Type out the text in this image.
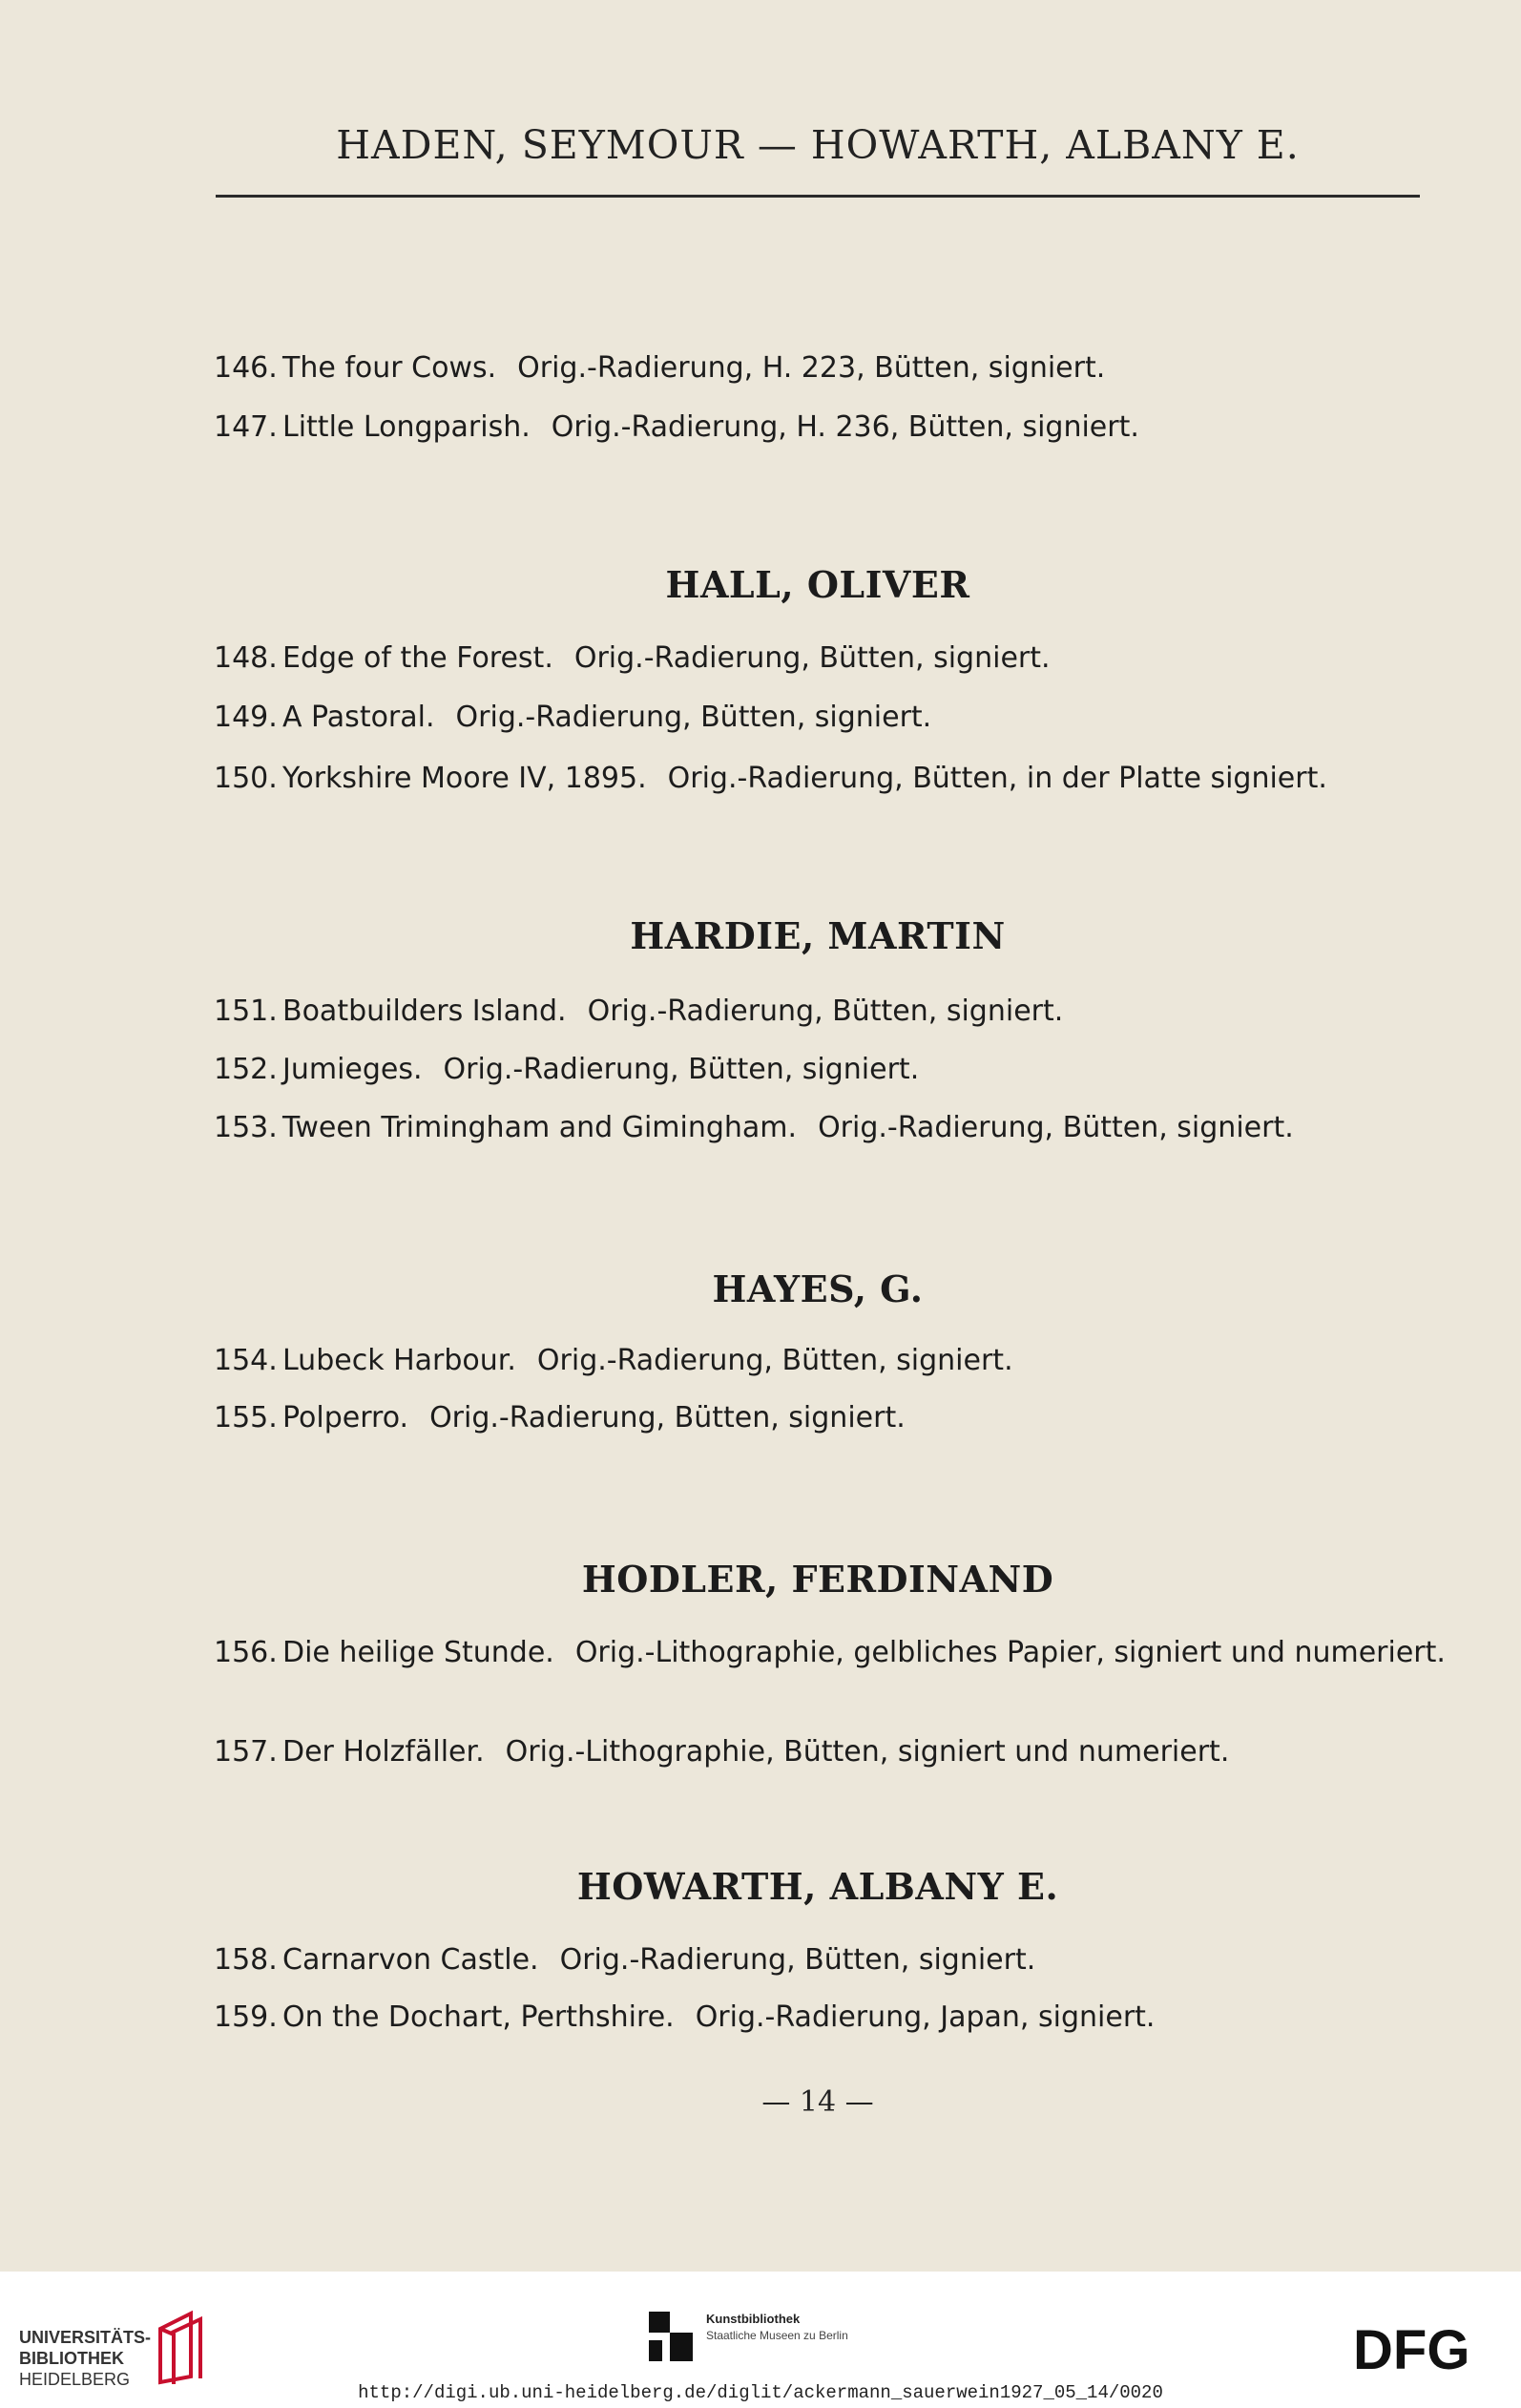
HADEN, SEYMOUR — HOWARTH, ALBANY E.
146. The four Cows. Orig.-Radierung, H. 223, Bütten, signiert.
147. Little Longparish. Orig.-Radierung, H. 236, Bütten, signiert.
HALL, OLIVER
148. Edge of the Forest. Orig.-Radierung, Bütten, signiert.
149. A Pastoral. Orig.-Radierung, Bütten, signiert.
150. Yorkshire Moore IV, 1895. Orig.-Radierung, Bütten, in der Platte signiert.
HARDIE, MARTIN
151. Boatbuilders Island. Orig.-Radierung, Bütten, signiert.
152. Jumieges. Orig.-Radierung, Bütten, signiert.
153. Tween Trimingham and Gimingham. Orig.-Radierung, Bütten, signiert.
HAYES, G.
154. Lubeck Harbour. Orig.-Radierung, Bütten, signiert.
155. Polperro. Orig.-Radierung, Bütten, signiert.
HODLER, FERDINAND
156. Die heilige Stunde. Orig.-Lithographie, gelbliches Papier, signiert und numeriert.
157. Der Holzfäller. Orig.-Lithographie, Bütten, signiert und numeriert.
HOWARTH, ALBANY E.
158. Carnarvon Castle. Orig.-Radierung, Bütten, signiert.
159. On the Dochart, Perthshire. Orig.-Radierung, Japan, signiert.
— 14 —
UNIVERSITÄTS-
BIBLIOTHEK
HEIDELBERG
Kunstbibliothek
Staatliche Museen zu Berlin	DFG
http://digi.ub.uni-heidelberg.de/diglit/ackermann_sauerwein1927_05_14/0020
